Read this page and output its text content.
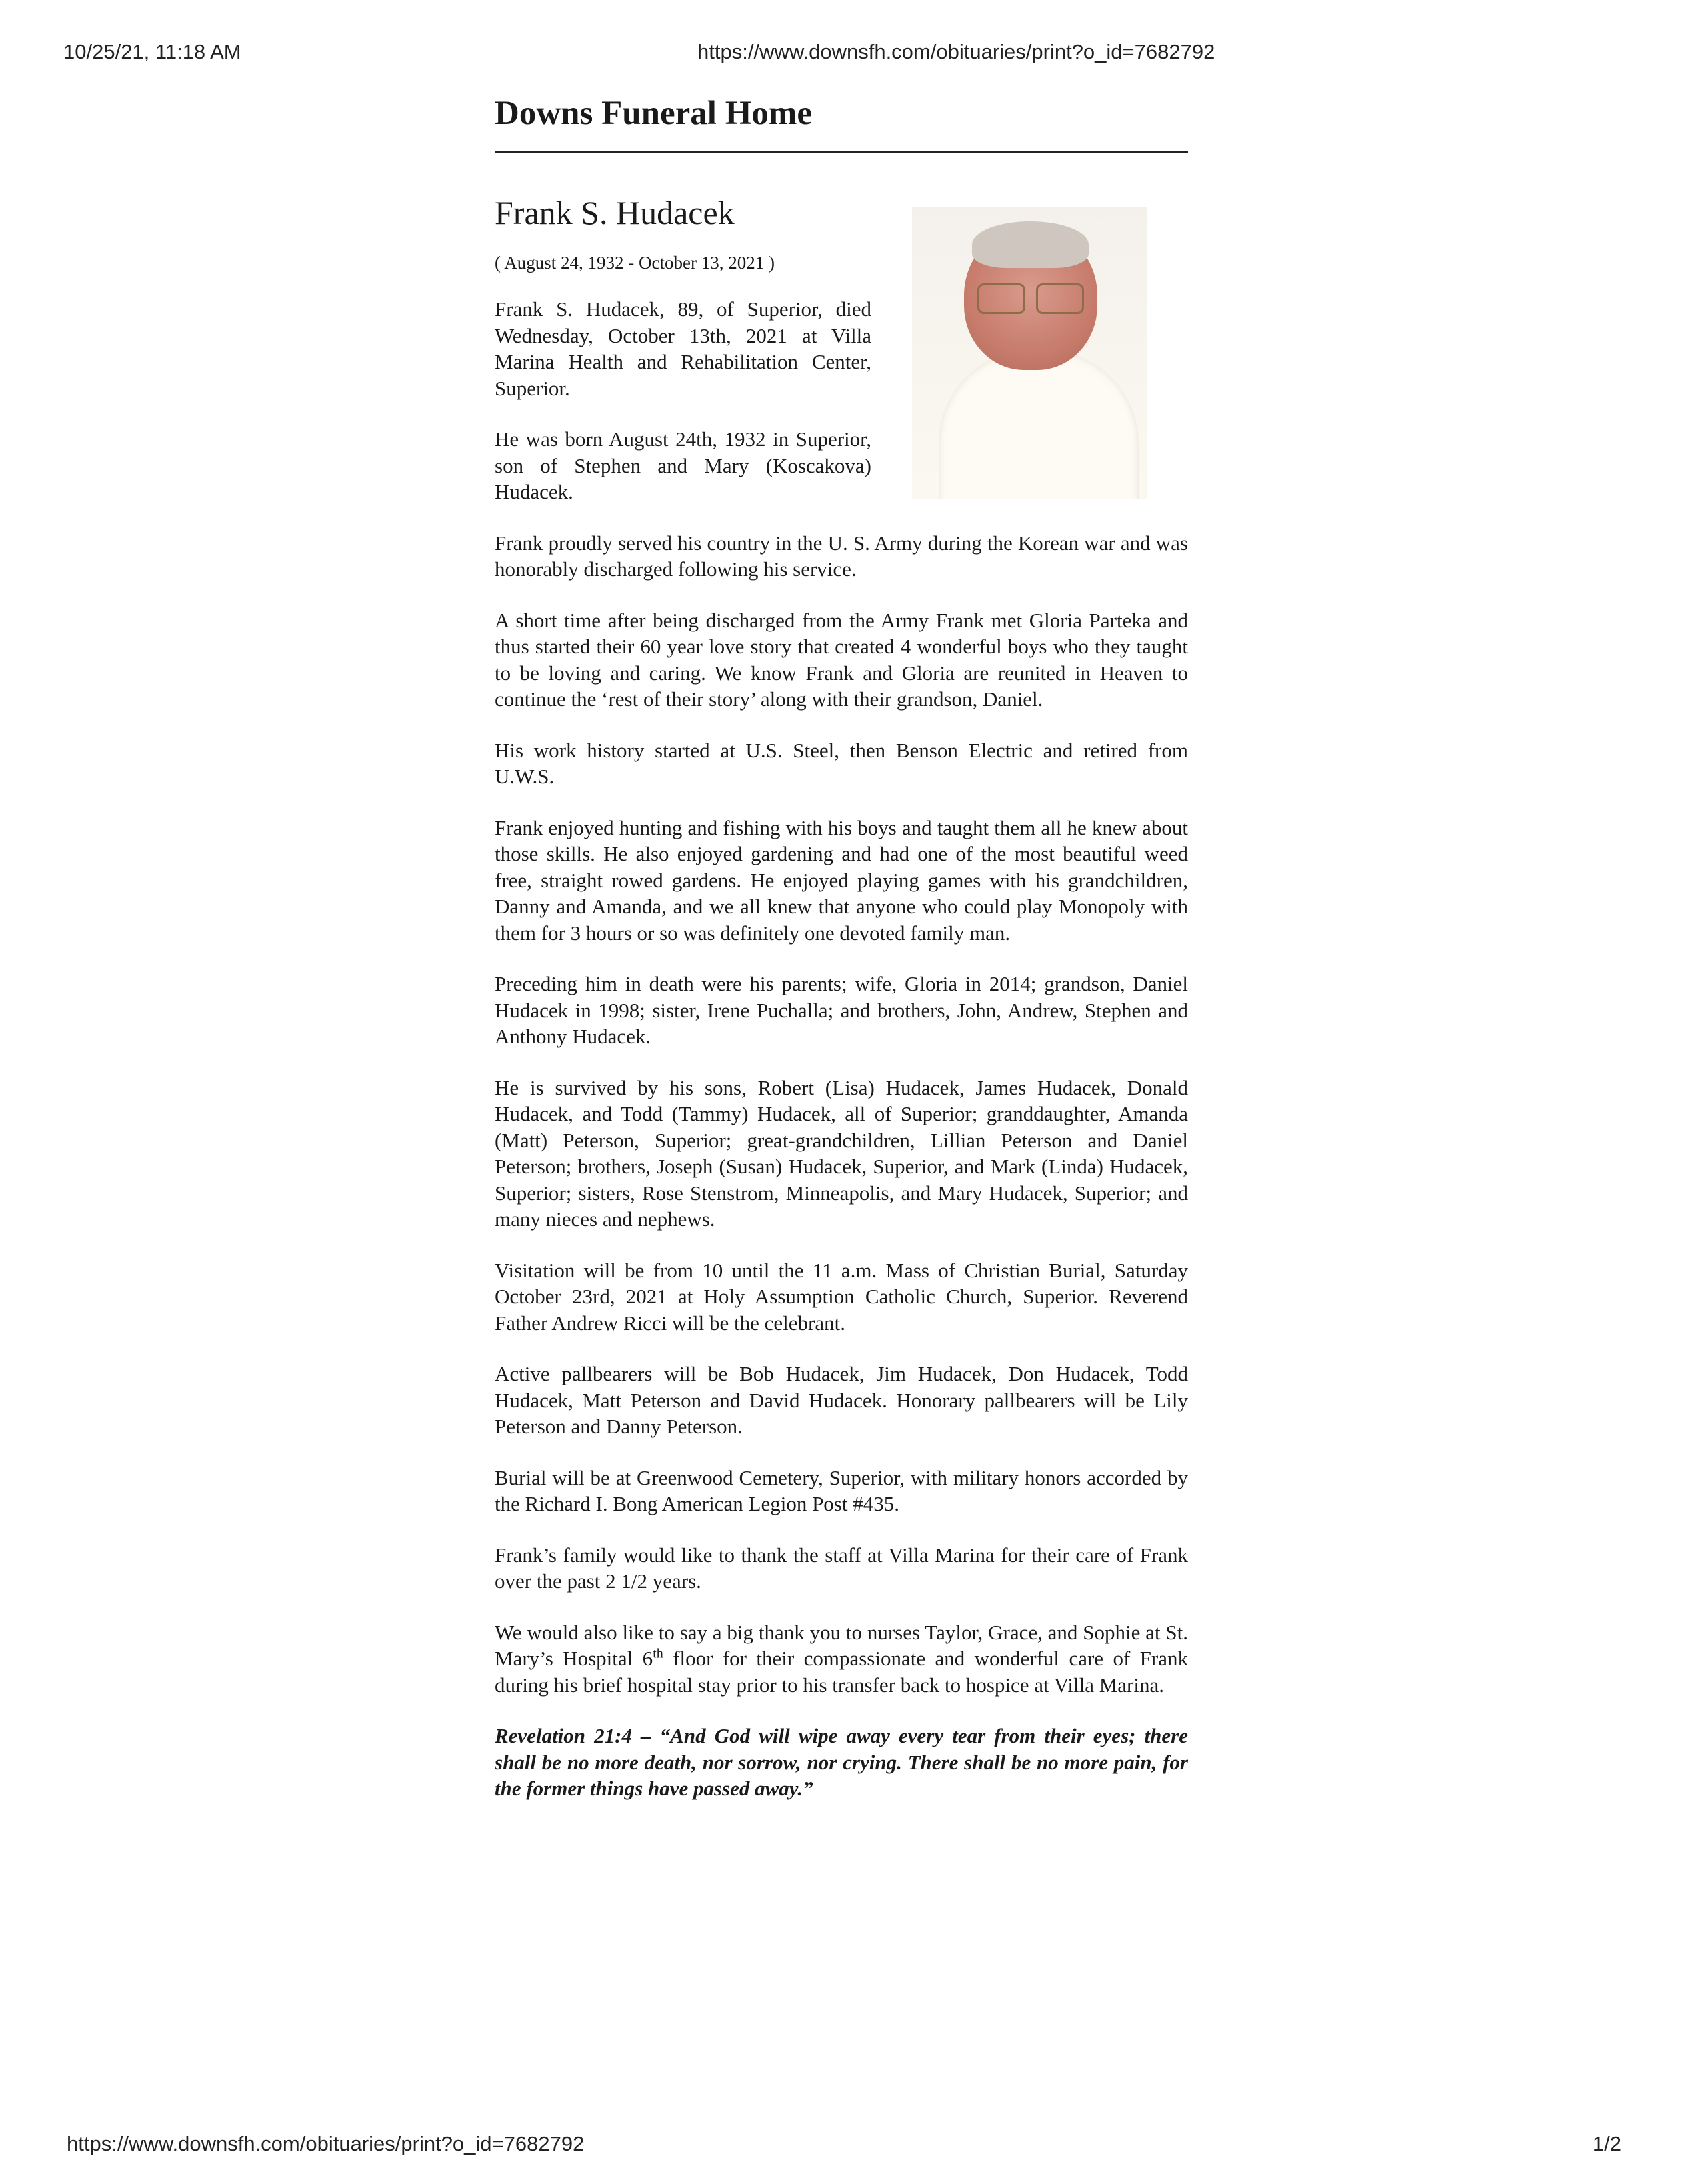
10/25/21, 11:18 AM	https://www.downsfh.com/obituaries/print?o_id=7682792
Downs Funeral Home
Frank S. Hudacek
( August 24, 1932 - October 13, 2021 )

Frank S. Hudacek, 89, of Superior, died Wednesday, October 13th, 2021 at Villa Marina Health and Rehabilitation Center, Superior.

He was born August 24th, 1932 in Superior, son of Stephen and Mary (Koscakova) Hudacek.

Frank proudly served his country in the U. S. Army during the Korean war and was honorably discharged following his service.

A short time after being discharged from the Army Frank met Gloria Parteka and thus started their 60 year love story that created 4 wonderful boys who they taught to be loving and caring. We know Frank and Gloria are reunited in Heaven to continue the ‘rest of their story’ along with their grandson, Daniel.

His work history started at U.S. Steel, then Benson Electric and retired from U.W.S.

Frank enjoyed hunting and fishing with his boys and taught them all he knew about those skills. He also enjoyed gardening and had one of the most beautiful weed free, straight rowed gardens. He enjoyed playing games with his grandchildren, Danny and Amanda, and we all knew that anyone who could play Monopoly with them for 3 hours or so was definitely one devoted family man.

Preceding him in death were his parents; wife, Gloria in 2014; grandson, Daniel Hudacek in 1998; sister, Irene Puchalla; and brothers, John, Andrew, Stephen and Anthony Hudacek.

He is survived by his sons, Robert (Lisa) Hudacek, James Hudacek, Donald Hudacek, and Todd (Tammy) Hudacek, all of Superior; granddaughter, Amanda (Matt) Peterson, Superior; great-grandchildren, Lillian Peterson and Daniel Peterson; brothers, Joseph (Susan) Hudacek, Superior, and Mark (Linda) Hudacek, Superior; sisters, Rose Stenstrom, Minneapolis, and Mary Hudacek, Superior; and many nieces and nephews.

Visitation will be from 10 until the 11 a.m. Mass of Christian Burial, Saturday October 23rd, 2021 at Holy Assumption Catholic Church, Superior. Reverend Father Andrew Ricci will be the celebrant.

Active pallbearers will be Bob Hudacek, Jim Hudacek, Don Hudacek, Todd Hudacek, Matt Peterson and David Hudacek. Honorary pallbearers will be Lily Peterson and Danny Peterson.

Burial will be at Greenwood Cemetery, Superior, with military honors accorded by the Richard I. Bong American Legion Post #435.

Frank’s family would like to thank the staff at Villa Marina for their care of Frank over the past 2 1/2 years.

We would also like to say a big thank you to nurses Taylor, Grace, and Sophie at St. Mary’s Hospital 6th floor for their compassionate and wonderful care of Frank during his brief hospital stay prior to his transfer back to hospice at Villa Marina.

Revelation 21:4 – “And God will wipe away every tear from their eyes; there shall be no more death, nor sorrow, nor crying. There shall be no more pain, for the former things have passed away.”

https://www.downsfh.com/obituaries/print?o_id=7682792	1/2
